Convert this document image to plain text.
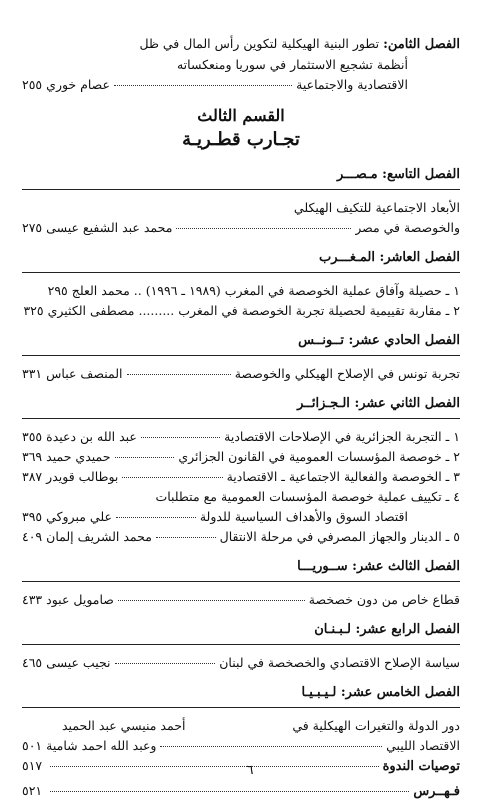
الفصل الثامن: تطور البنية الهيكلية لتكوين رأس المال في ظل
أنظمة تشجيع الاستثمار في سوريا ومنعكساته
الاقتصادية والاجتماعية
عصام خوري
٢٥٥
القسم الثالث
تجـارب قطـريـة
الفصل التاسع: مـصـــر
الأبعاد الاجتماعية للتكيف الهيكلي
والخوصصة في مصر
محمد عبد الشفيع عيسى
٢٧٥
الفصل العاشر: المـغـــرب
١ ـ حصيلة وآفاق عملية الخوصصة في المغرب (١٩٨٩ ـ ١٩٩٦) .. محمد العلج
٢٩٥
٢ ـ مقاربة تقييمية لحصيلة تجربة الخوصصة في المغرب ......... مصطفى الكثيري
٣٢٥
الفصل الحادي عشر: تــونــس
تجربة تونس في الإصلاح الهيكلي والخوصصة
المنصف عباس
٣٣١
الفصل الثاني عشر: الـجـزائــر
١ ـ التجربة الجزائرية في الإصلاحات الاقتصادية
عبد الله بن دعيدة
٣٥٥
٢ ـ خوصصة المؤسسات العمومية في القانون الجزائري
حميدي حميد
٣٦٩
٣ ـ الخوصصة والفعالية الاجتماعية ـ الاقتصادية
بوطالب قويدر
٣٨٧
٤ ـ تكييف عملية خوصصة المؤسسات العمومية مع متطلبات
اقتصاد السوق والأهداف السياسية للدولة
علي مبروكي
٣٩٥
٥ ـ الدينار والجهاز المصرفي في مرحلة الانتقال
محمد الشريف إلمان
٤٠٩
الفصل الثالث عشر: ســوريـــا
قطاع خاص من دون خصخصة
صامويل عبود
٤٣٣
الفصل الرابع عشر: لـبـنـان
سياسة الإصلاح الاقتصادي والخصخصة في لبنان
نجيب عيسى
٤٦٥
الفصل الخامس عشر: لـيـبـيـا
دور الدولة والتغيرات الهيكلية في
أحمد منيسي عبد الحميد
الاقتصاد الليبي
وعبد الله احمد شامية
٥٠١
توصيات الندوة
٥١٧
فـهــرس
٥٢١
٦
